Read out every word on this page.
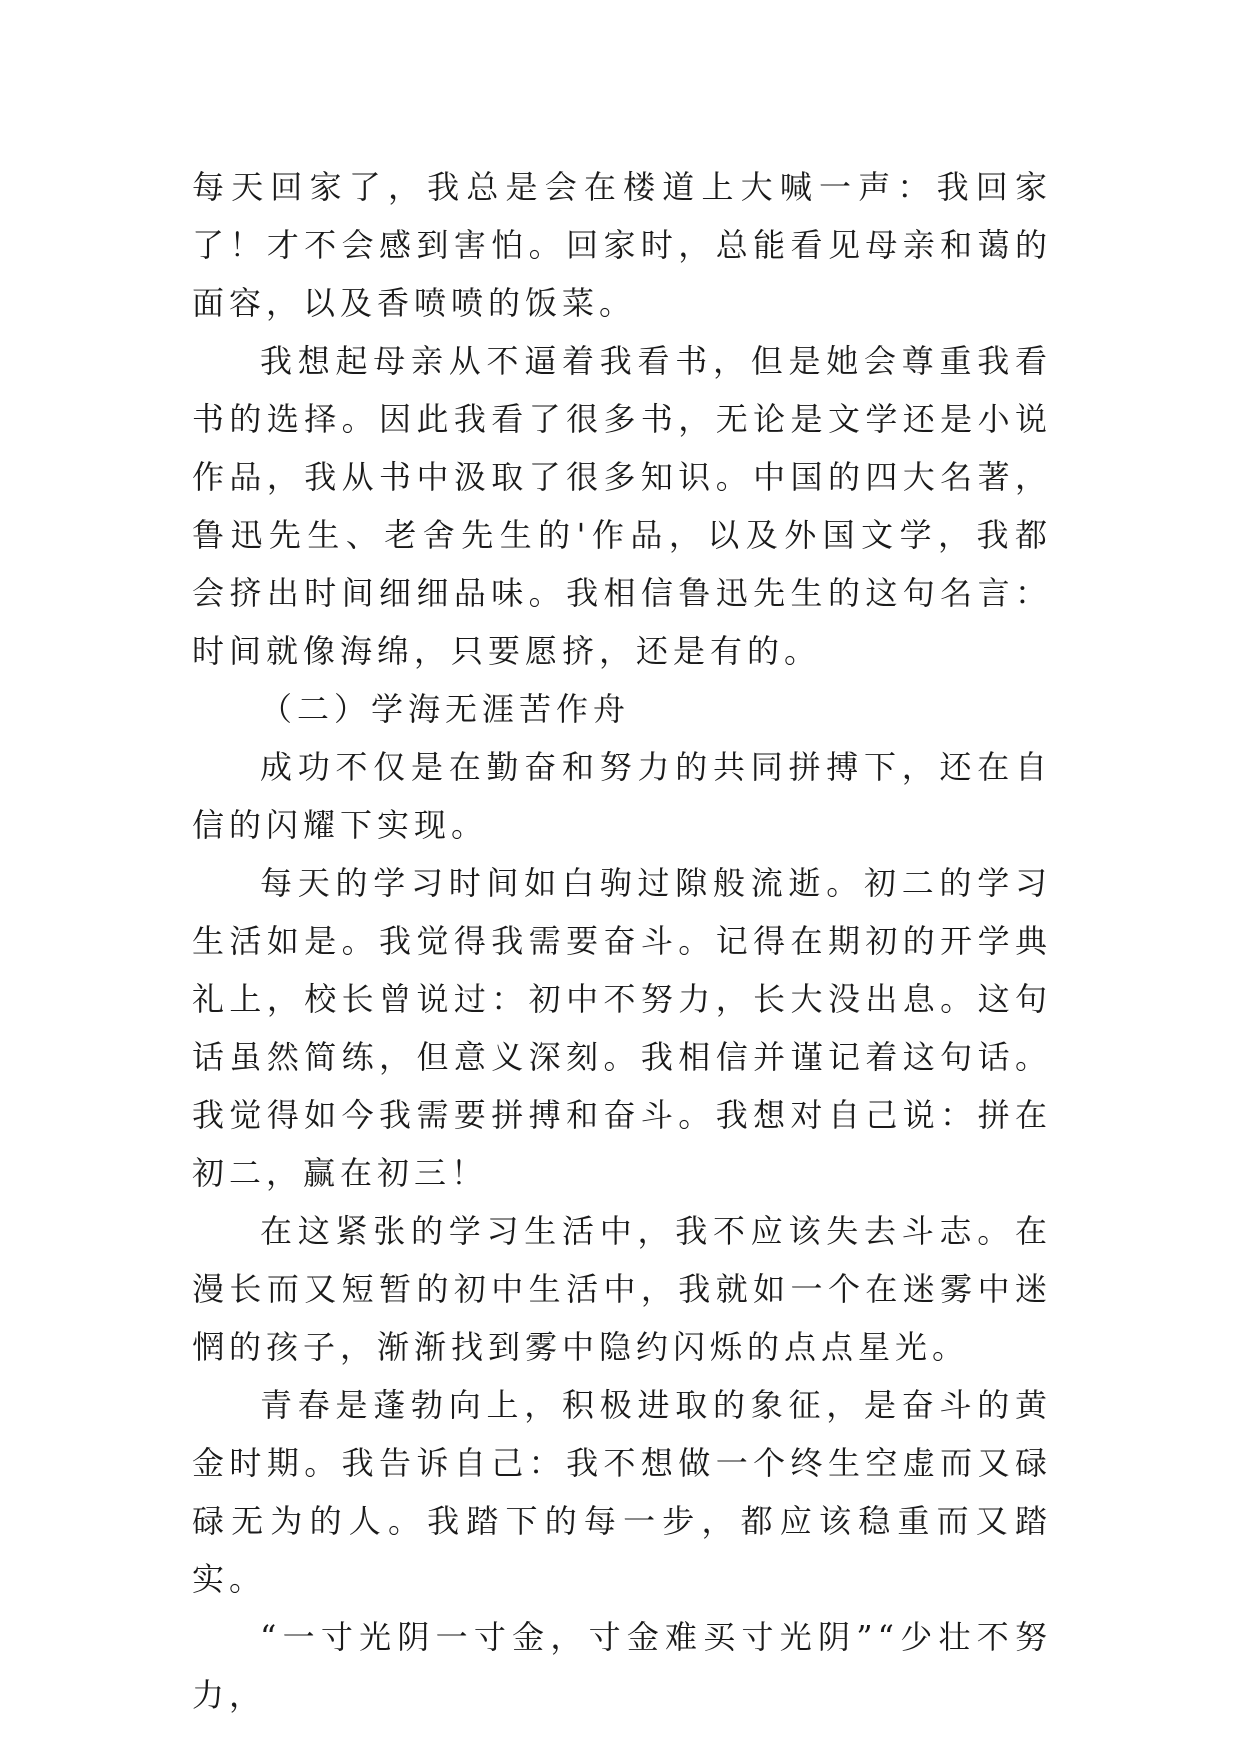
每天回家了，我总是会在楼道上大喊一声：我回家了！才不会感到害怕。回家时，总能看见母亲和蔼的面容，以及香喷喷的饭菜。

我想起母亲从不逼着我看书，但是她会尊重我看书的选择。因此我看了很多书，无论是文学还是小说作品，我从书中汲取了很多知识。中国的四大名著，鲁迅先生、老舍先生的'作品，以及外国文学，我都会挤出时间细细品味。我相信鲁迅先生的这句名言：时间就像海绵，只要愿挤，还是有的。

（二）学海无涯苦作舟

成功不仅是在勤奋和努力的共同拼搏下，还在自信的闪耀下实现。

每天的学习时间如白驹过隙般流逝。初二的学习生活如是。我觉得我需要奋斗。记得在期初的开学典礼上，校长曾说过：初中不努力，长大没出息。这句话虽然简练，但意义深刻。我相信并谨记着这句话。我觉得如今我需要拼搏和奋斗。我想对自己说：拼在初二，赢在初三！

在这紧张的学习生活中，我不应该失去斗志。在漫长而又短暂的初中生活中，我就如一个在迷雾中迷惘的孩子，渐渐找到雾中隐约闪烁的点点星光。

青春是蓬勃向上，积极进取的象征，是奋斗的黄金时期。我告诉自己：我不想做一个终生空虚而又碌碌无为的人。我踏下的每一步，都应该稳重而又踏实。

“一寸光阴一寸金，寸金难买寸光阴”“少壮不努力，
